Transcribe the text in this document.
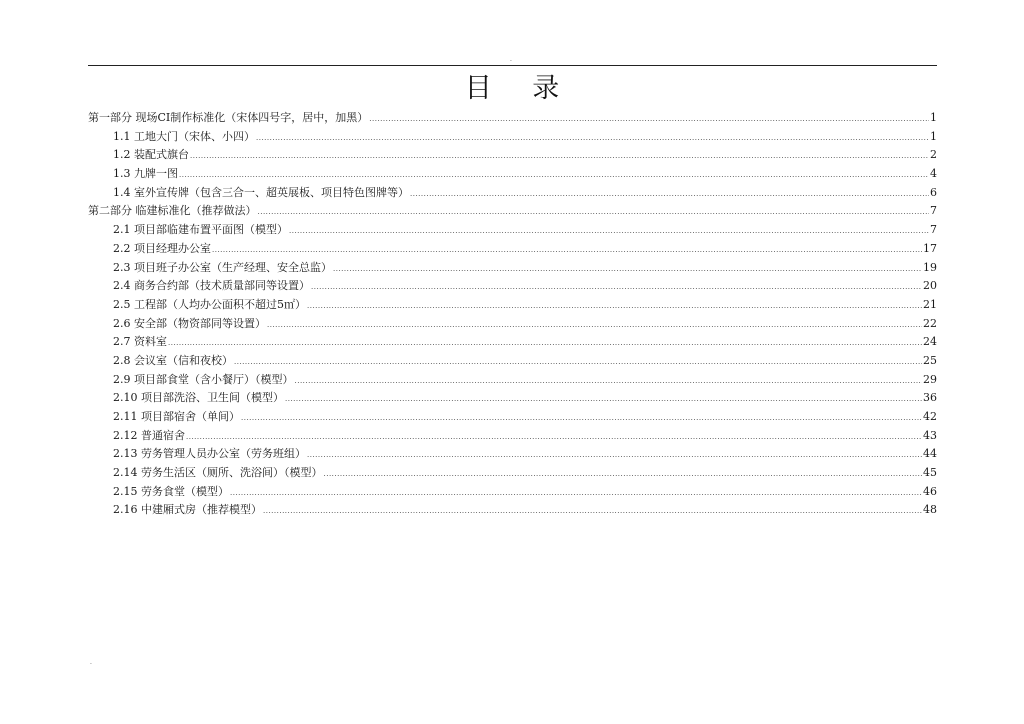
.
目 录
第一部分 现场CI制作标准化（宋体四号字，居中，加黑） .....	1
1.1 工地大门（宋体、小四） .....	1
1.2 装配式旗台 .....	2
1.3 九牌一图 .....	4
1.4 室外宣传牌（包含三合一、超英展板、项目特色图牌等） .....	6
第二部分 临建标准化（推荐做法） .....	7
2.1 项目部临建布置平面图（模型） .....	7
2.2 项目经理办公室 .....	17
2.3 项目班子办公室（生产经理、安全总监） .....	19
2.4 商务合约部（技术质量部同等设置） .....	20
2.5 工程部（人均办公面积不超过5㎡） .....	21
2.6 安全部（物资部同等设置） .....	22
2.7 资料室 .....	24
2.8 会议室（信和夜校） .....	25
2.9 项目部食堂（含小餐厅）（模型） .....	29
2.10 项目部洗浴、卫生间（模型） .....	36
2.11 项目部宿舍（单间） .....	42
2.12 普通宿舍 .....	43
2.13 劳务管理人员办公室（劳务班组） .....	44
2.14 劳务生活区（厕所、洗浴间）（模型） .....	45
2.15 劳务食堂（模型） .....	46
2.16 中建厢式房（推荐模型） .....	48
.
